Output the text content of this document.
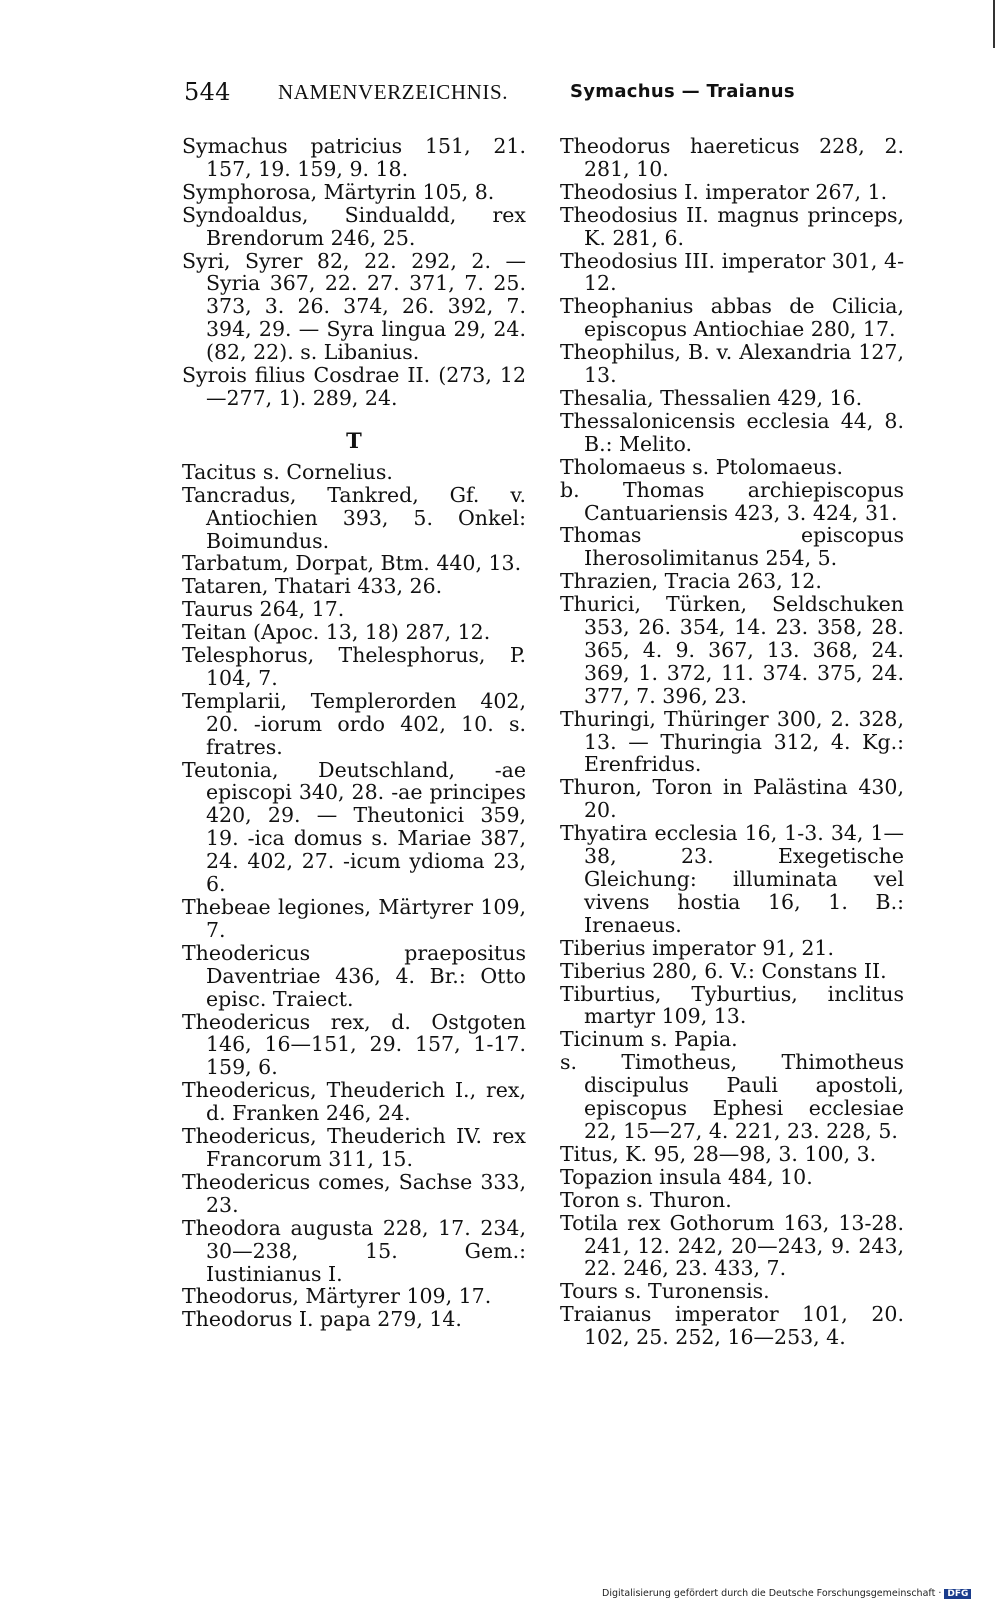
544 NAMENVERZEICHNIS.	Symachus — Traianus
Symachus patricius 151, 21. 157, 19. 159, 9. 18.
Symphorosa, Märtyrin 105, 8.
Syndoaldus, Sindualdd, rex Brendorum 246, 25.
Syri, Syrer 82, 22. 292, 2. — Syria 367, 22. 27. 371, 7. 25. 373, 3. 26. 374, 26. 392, 7. 394, 29. — Syra lingua 29, 24. (82, 22). s. Libanius.
Syrois filius Cosdrae II. (273, 12—277, 1). 289, 24.
T
Tacitus s. Cornelius.
Tancradus, Tankred, Gf. v. Antiochien 393, 5. Onkel: Boimundus.
Tarbatum, Dorpat, Btm. 440, 13.
Tataren, Thatari 433, 26.
Taurus 264, 17.
Teitan (Apoc. 13, 18) 287, 12.
Telesphorus, Thelesphorus, P. 104, 7.
Templarii, Templerorden 402, 20. -iorum ordo 402, 10. s. fratres.
Teutonia, Deutschland, -ae episcopi 340, 28. -ae principes 420, 29. — Theutonici 359, 19. -ica domus s. Mariae 387, 24. 402, 27. -icum ydioma 23, 6.
Thebeae legiones, Märtyrer 109, 7.
Theodericus praepositus Daventriae 436, 4. Br.: Otto episc. Traiect.
Theodericus rex, d. Ostgoten 146, 16—151, 29. 157, 1-17. 159, 6.
Theodericus, Theuderich I., rex, d. Franken 246, 24.
Theodericus, Theuderich IV. rex Francorum 311, 15.
Theodericus comes, Sachse 333, 23.
Theodora augusta 228, 17. 234, 30—238, 15. Gem.: Iustinianus I.
Theodorus, Märtyrer 109, 17.
Theodorus I. papa 279, 14.
Theodorus haereticus 228, 2. 281, 10.
Theodosius I. imperator 267, 1.
Theodosius II. magnus princeps, K. 281, 6.
Theodosius III. imperator 301, 4-12.
Theophanius abbas de Cilicia, episcopus Antiochiae 280, 17.
Theophilus, B. v. Alexandria 127, 13.
Thesalia, Thessalien 429, 16.
Thessalonicensis ecclesia 44, 8. B.: Melito.
Tholomaeus s. Ptolomaeus.
b. Thomas archiepiscopus Cantuariensis 423, 3. 424, 31.
Thomas episcopus Iherosolimitanus 254, 5.
Thrazien, Tracia 263, 12.
Thurici, Türken, Seldschuken 353, 26. 354, 14. 23. 358, 28. 365, 4. 9. 367, 13. 368, 24. 369, 1. 372, 11. 374. 375, 24. 377, 7. 396, 23.
Thuringi, Thüringer 300, 2. 328, 13. — Thuringia 312, 4. Kg.: Erenfridus.
Thuron, Toron in Palästina 430, 20.
Thyatira ecclesia 16, 1-3. 34, 1—38, 23. Exegetische Gleichung: illuminata vel vivens hostia 16, 1. B.: Irenaeus.
Tiberius imperator 91, 21.
Tiberius 280, 6. V.: Constans II.
Tiburtius, Tyburtius, inclitus martyr 109, 13.
Ticinum s. Papia.
s. Timotheus, Thimotheus discipulus Pauli apostoli, episcopus Ephesi ecclesiae 22, 15—27, 4. 221, 23. 228, 5.
Titus, K. 95, 28—98, 3. 100, 3.
Topazion insula 484, 10.
Toron s. Thuron.
Totila rex Gothorum 163, 13-28. 241, 12. 242, 20—243, 9. 243, 22. 246, 23. 433, 7.
Tours s. Turonensis.
Traianus imperator 101, 20. 102, 25. 252, 16—253, 4.
Digitalisierung gefördert durch die Deutsche Forschungsgemeinschaft · DFG
